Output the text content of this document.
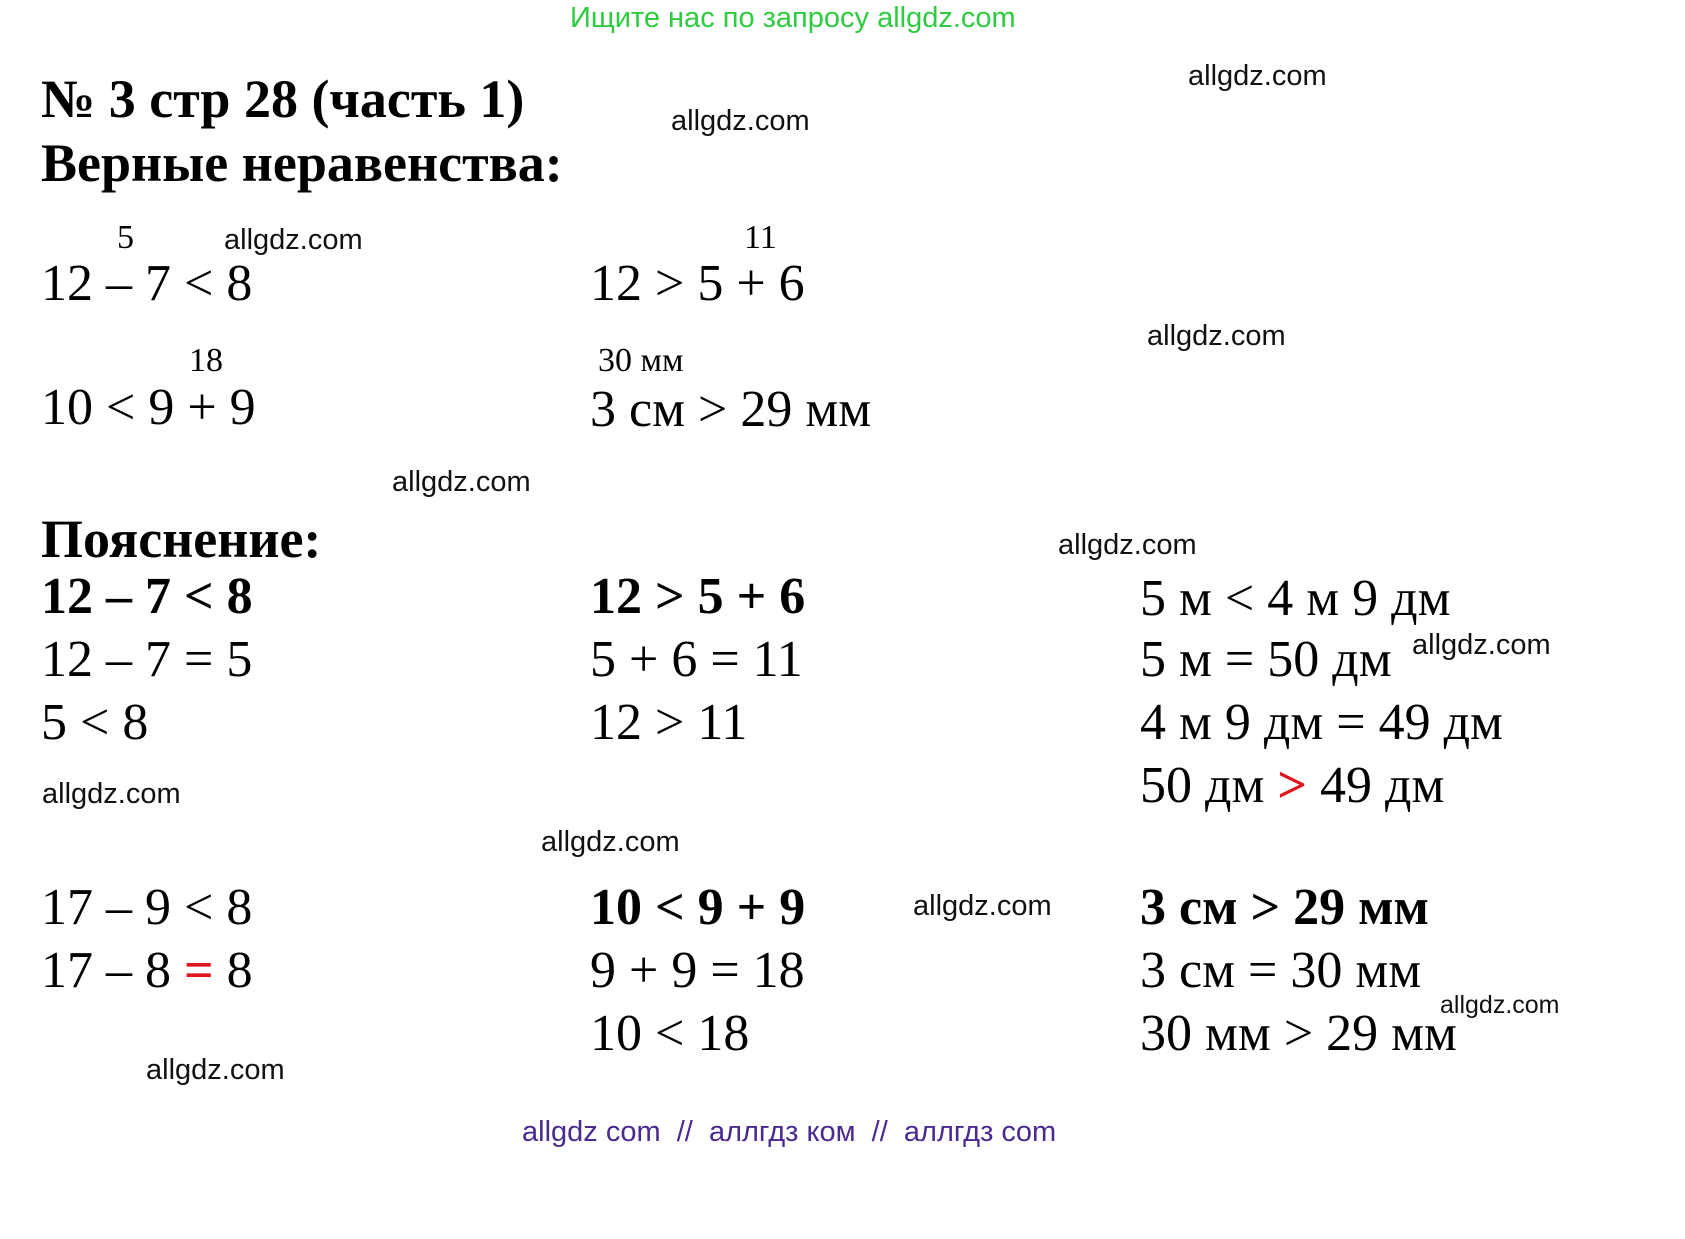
Ищите нас по запросу allgdz.com
№ 3 стр 28 (часть 1)
Верные неравенства:
5
12 – 7 < 8
11
12 > 5 + 6
18
10 < 9 + 9
30 мм
3 см > 29 мм
Пояснение:
12 – 7 < 8
12 – 7 = 5
5 < 8
17 – 9 < 8
17 – 8 = 8
12 > 5 + 6
5 + 6 = 11
12 > 11
10 < 9 + 9
9 + 9 = 18
10 < 18
5 м < 4 м 9 дм
5 м = 50 дм
4 м 9 дм = 49 дм
50 дм > 49 дм
3 см > 29 мм
3 см = 30 мм
30 мм > 29 мм
allgdz.com
allgdz.com
allgdz.com
allgdz.com
allgdz.com
allgdz.com
allgdz.com
allgdz.com
allgdz.com
allgdz.com
allgdz.com
allgdz.com
allgdz com  //  аллгдз ком  //  аллгдз com
